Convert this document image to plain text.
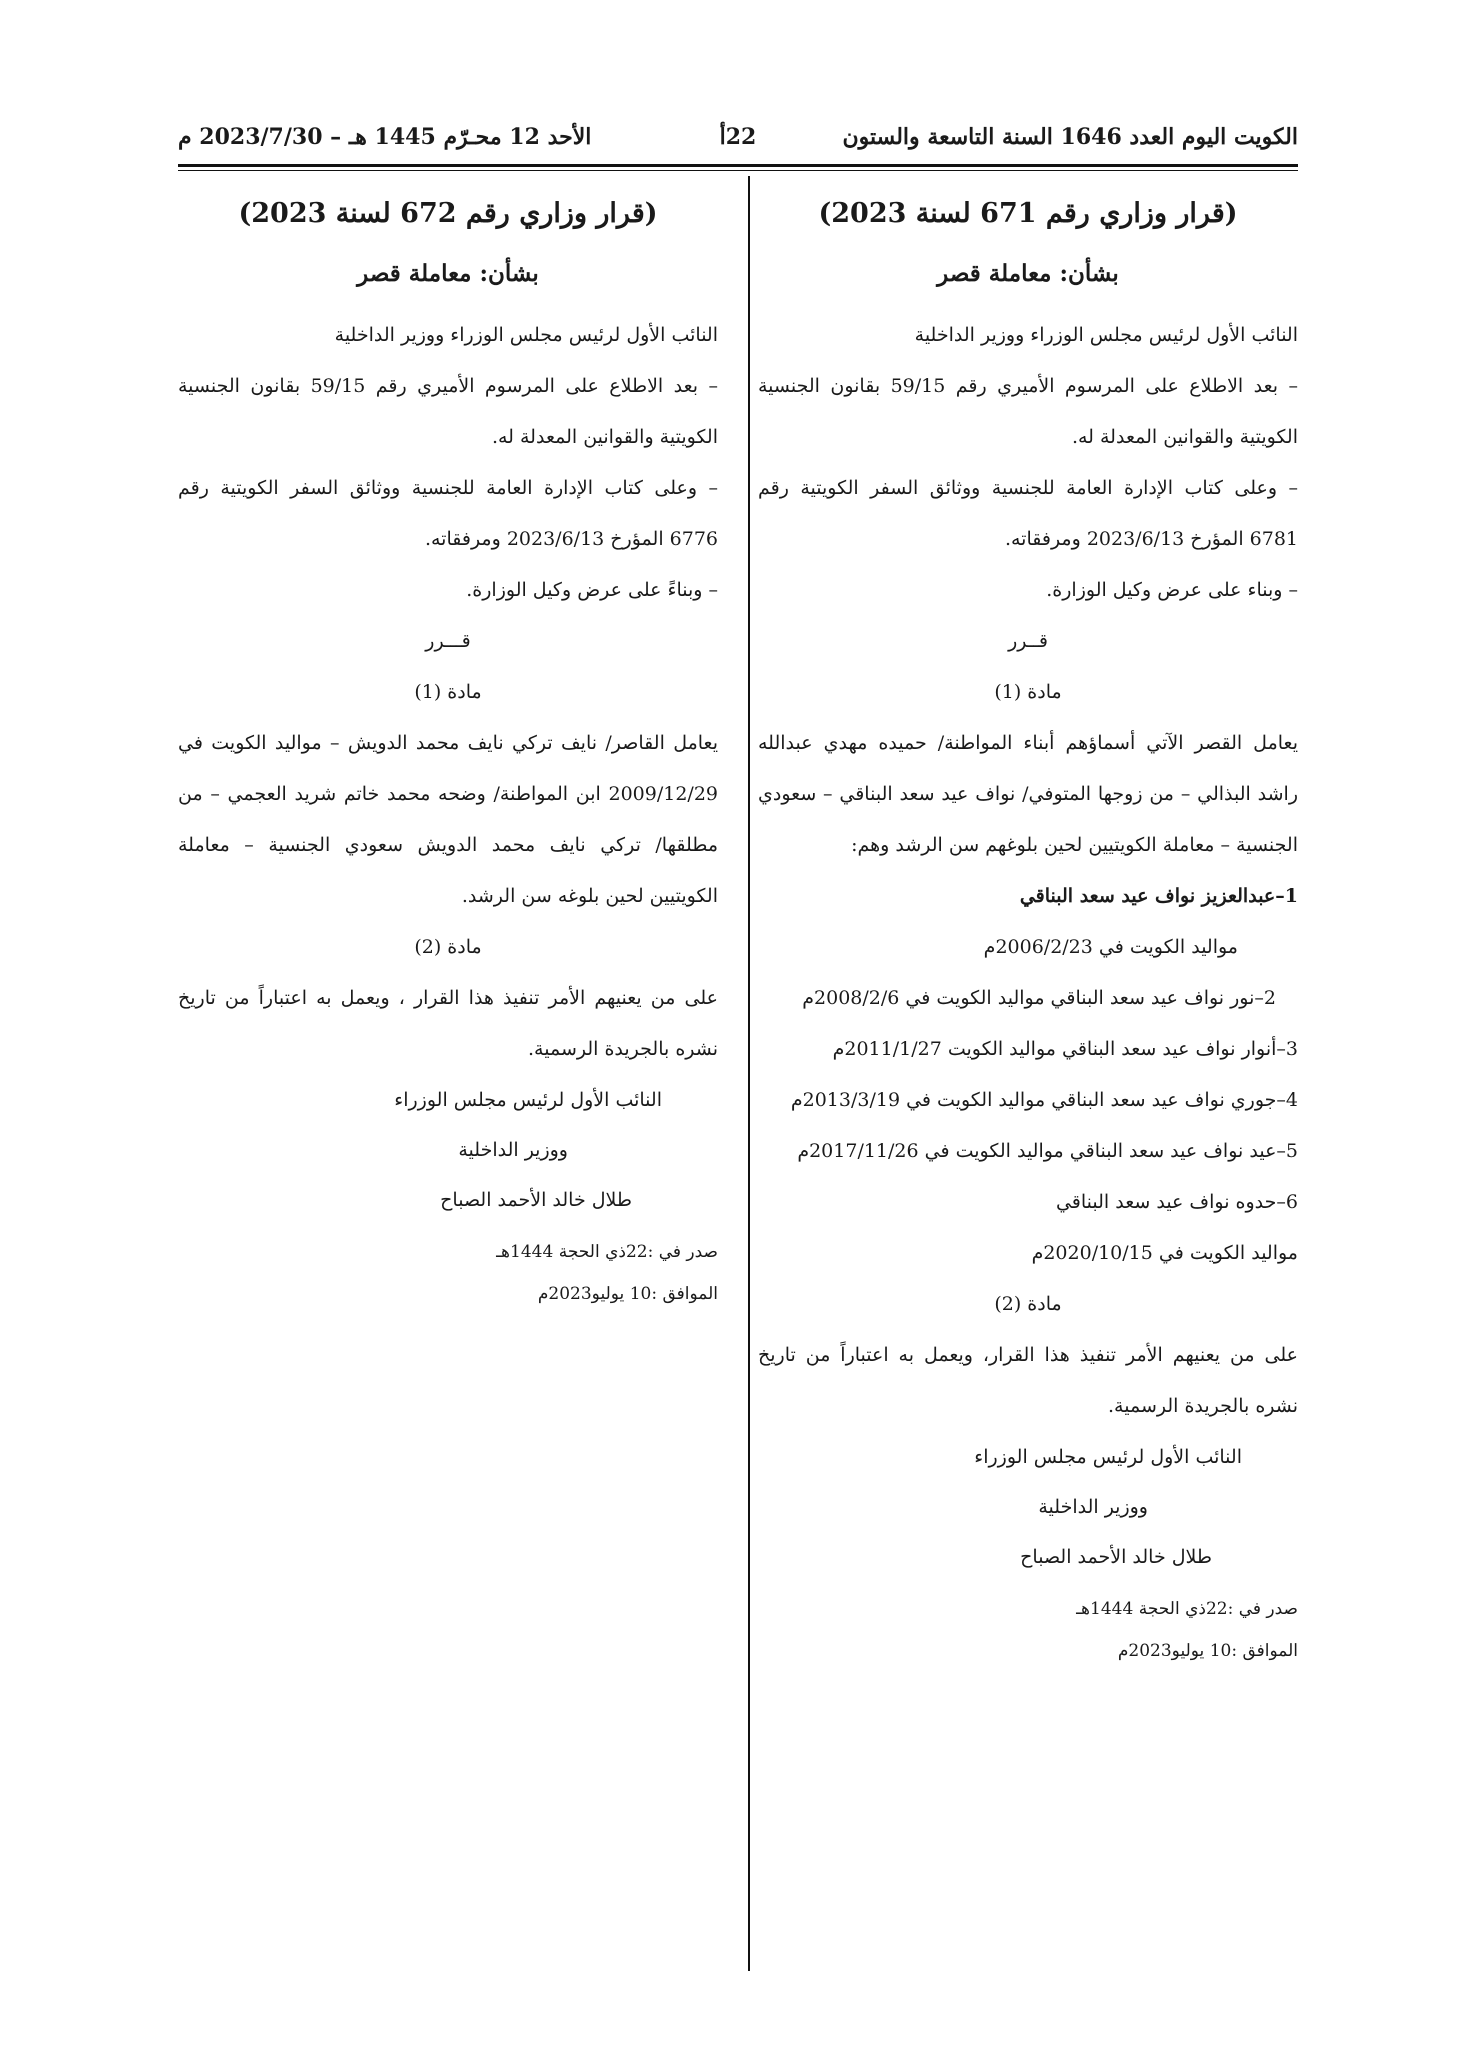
الكويت اليوم العدد 1646 السنة التاسعة والستون
22أ
الأحد 12 محـرّم 1445 هـ – 2023/7/30 م
(قرار وزاري رقم 671 لسنة 2023)
بشأن: معاملة قصر

النائب الأول لرئيس مجلس الوزراء ووزير الداخلية

– بعد الاطلاع على المرسوم الأميري رقم 59/15 بقانون الجنسية الكويتية والقوانين المعدلة له.

– وعلى كتاب الإدارة العامة للجنسية ووثائق السفر الكويتية رقم 6781 المؤرخ 2023/6/13 ومرفقاته.

– وبناء على عرض وكيل الوزارة.

قــرر

مادة (1)

يعامل القصر الآتي أسماؤهم أبناء المواطنة/ حميده مهدي عبدالله راشد البذالي – من زوجها المتوفي/ نواف عيد سعد البناقي – سعودي الجنسية – معاملة الكويتيين لحين بلوغهم سن الرشد وهم:

1–عبدالعزيز نواف عيد سعد البناقي

مواليد الكويت في 2006/2/23م

2–نور نواف عيد سعد البناقي مواليد الكويت في 2008/2/6م

3–أنوار نواف عيد سعد البناقي مواليد الكويت 2011/1/27م

4–جوري نواف عيد سعد البناقي مواليد الكويت في 2013/3/19م

5–عيد نواف عيد سعد البناقي مواليد الكويت في 2017/11/26م

6–حدوه نواف عيد سعد البناقي

مواليد الكويت في 2020/10/15م

مادة (2)

على من يعنيهم الأمر تنفيذ هذا القرار، ويعمل به اعتباراً من تاريخ نشره بالجريدة الرسمية.

النائب الأول لرئيس مجلس الوزراء

ووزير الداخلية

طلال خالد الأحمد الصباح

صدر في :22ذي الحجة 1444هـ

الموافق :10 يوليو2023م

(قرار وزاري رقم 672 لسنة 2023)
بشأن: معاملة قصر

النائب الأول لرئيس مجلس الوزراء ووزير الداخلية

– بعد الاطلاع على المرسوم الأميري رقم 59/15 بقانون الجنسية الكويتية والقوانين المعدلة له.

– وعلى كتاب الإدارة العامة للجنسية ووثائق السفر الكويتية رقم 6776 المؤرخ 2023/6/13 ومرفقاته.

– وبناءً على عرض وكيل الوزارة.

قـــرر

مادة (1)

يعامل القاصر/ نايف تركي نايف محمد الدويش – مواليد الكويت في 2009/12/29 ابن المواطنة/ وضحه محمد خاتم شريد العجمي – من مطلقها/ تركي نايف محمد الدويش سعودي الجنسية – معاملة الكويتيين لحين بلوغه سن الرشد.

مادة (2)

على من يعنيهم الأمر تنفيذ هذا القرار ، ويعمل به اعتباراً من تاريخ نشره بالجريدة الرسمية.

النائب الأول لرئيس مجلس الوزراء

ووزير الداخلية

طلال خالد الأحمد الصباح

صدر في :22ذي الحجة 1444هـ

الموافق :10 يوليو2023م
